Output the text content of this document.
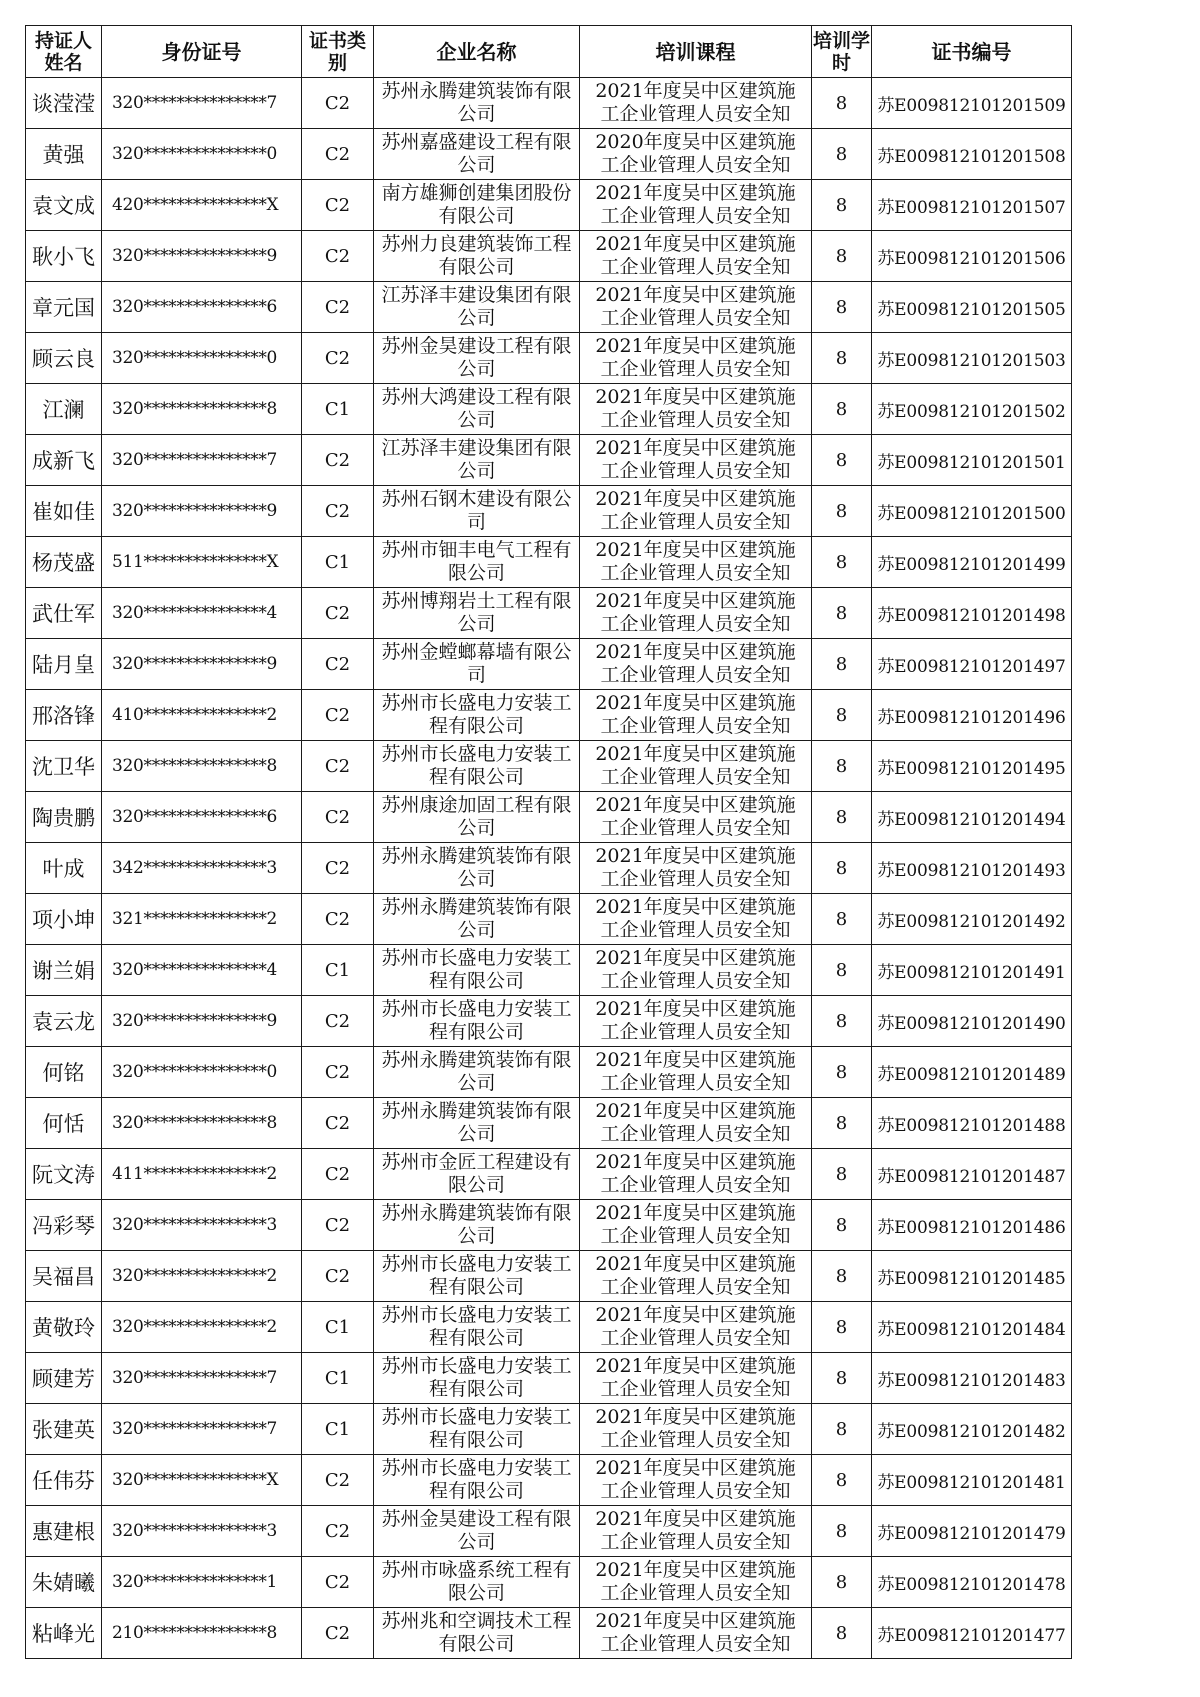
持证人姓名	身份证号	证书类别	企业名称	培训课程	培训学时	证书编号
谈滢滢	320***************7	C2	苏州永腾建筑装饰有限公司	2021年度吴中区建筑施工企业管理人员安全知	8	苏E009812101201509
黄强	320***************0	C2	苏州嘉盛建设工程有限公司	2020年度吴中区建筑施工企业管理人员安全知	8	苏E009812101201508
袁文成	420***************X	C2	南方雄狮创建集团股份有限公司	2021年度吴中区建筑施工企业管理人员安全知	8	苏E009812101201507
耿小飞	320***************9	C2	苏州力良建筑装饰工程有限公司	2021年度吴中区建筑施工企业管理人员安全知	8	苏E009812101201506
章元国	320***************6	C2	江苏泽丰建设集团有限公司	2021年度吴中区建筑施工企业管理人员安全知	8	苏E009812101201505
顾云良	320***************0	C2	苏州金昊建设工程有限公司	2021年度吴中区建筑施工企业管理人员安全知	8	苏E009812101201503
江澜	320***************8	C1	苏州大鸿建设工程有限公司	2021年度吴中区建筑施工企业管理人员安全知	8	苏E009812101201502
成新飞	320***************7	C2	江苏泽丰建设集团有限公司	2021年度吴中区建筑施工企业管理人员安全知	8	苏E009812101201501
崔如佳	320***************9	C2	苏州石钢木建设有限公司	2021年度吴中区建筑施工企业管理人员安全知	8	苏E009812101201500
杨茂盛	511***************X	C1	苏州市钿丰电气工程有限公司	2021年度吴中区建筑施工企业管理人员安全知	8	苏E009812101201499
武仕军	320***************4	C2	苏州博翔岩土工程有限公司	2021年度吴中区建筑施工企业管理人员安全知	8	苏E009812101201498
陆月皇	320***************9	C2	苏州金螳螂幕墙有限公司	2021年度吴中区建筑施工企业管理人员安全知	8	苏E009812101201497
邢洛锋	410***************2	C2	苏州市长盛电力安装工程有限公司	2021年度吴中区建筑施工企业管理人员安全知	8	苏E009812101201496
沈卫华	320***************8	C2	苏州市长盛电力安装工程有限公司	2021年度吴中区建筑施工企业管理人员安全知	8	苏E009812101201495
陶贵鹏	320***************6	C2	苏州康途加固工程有限公司	2021年度吴中区建筑施工企业管理人员安全知	8	苏E009812101201494
叶成	342***************3	C2	苏州永腾建筑装饰有限公司	2021年度吴中区建筑施工企业管理人员安全知	8	苏E009812101201493
项小坤	321***************2	C2	苏州永腾建筑装饰有限公司	2021年度吴中区建筑施工企业管理人员安全知	8	苏E009812101201492
谢兰娟	320***************4	C1	苏州市长盛电力安装工程有限公司	2021年度吴中区建筑施工企业管理人员安全知	8	苏E009812101201491
袁云龙	320***************9	C2	苏州市长盛电力安装工程有限公司	2021年度吴中区建筑施工企业管理人员安全知	8	苏E009812101201490
何铭	320***************0	C2	苏州永腾建筑装饰有限公司	2021年度吴中区建筑施工企业管理人员安全知	8	苏E009812101201489
何恬	320***************8	C2	苏州永腾建筑装饰有限公司	2021年度吴中区建筑施工企业管理人员安全知	8	苏E009812101201488
阮文涛	411***************2	C2	苏州市金匠工程建设有限公司	2021年度吴中区建筑施工企业管理人员安全知	8	苏E009812101201487
冯彩琴	320***************3	C2	苏州永腾建筑装饰有限公司	2021年度吴中区建筑施工企业管理人员安全知	8	苏E009812101201486
吴福昌	320***************2	C2	苏州市长盛电力安装工程有限公司	2021年度吴中区建筑施工企业管理人员安全知	8	苏E009812101201485
黄敬玲	320***************2	C1	苏州市长盛电力安装工程有限公司	2021年度吴中区建筑施工企业管理人员安全知	8	苏E009812101201484
顾建芳	320***************7	C1	苏州市长盛电力安装工程有限公司	2021年度吴中区建筑施工企业管理人员安全知	8	苏E009812101201483
张建英	320***************7	C1	苏州市长盛电力安装工程有限公司	2021年度吴中区建筑施工企业管理人员安全知	8	苏E009812101201482
任伟芬	320***************X	C2	苏州市长盛电力安装工程有限公司	2021年度吴中区建筑施工企业管理人员安全知	8	苏E009812101201481
惠建根	320***************3	C2	苏州金昊建设工程有限公司	2021年度吴中区建筑施工企业管理人员安全知	8	苏E009812101201479
朱婧曦	320***************1	C2	苏州市咏盛系统工程有限公司	2021年度吴中区建筑施工企业管理人员安全知	8	苏E009812101201478
粘峰光	210***************8	C2	苏州兆和空调技术工程有限公司	2021年度吴中区建筑施工企业管理人员安全知	8	苏E009812101201477
